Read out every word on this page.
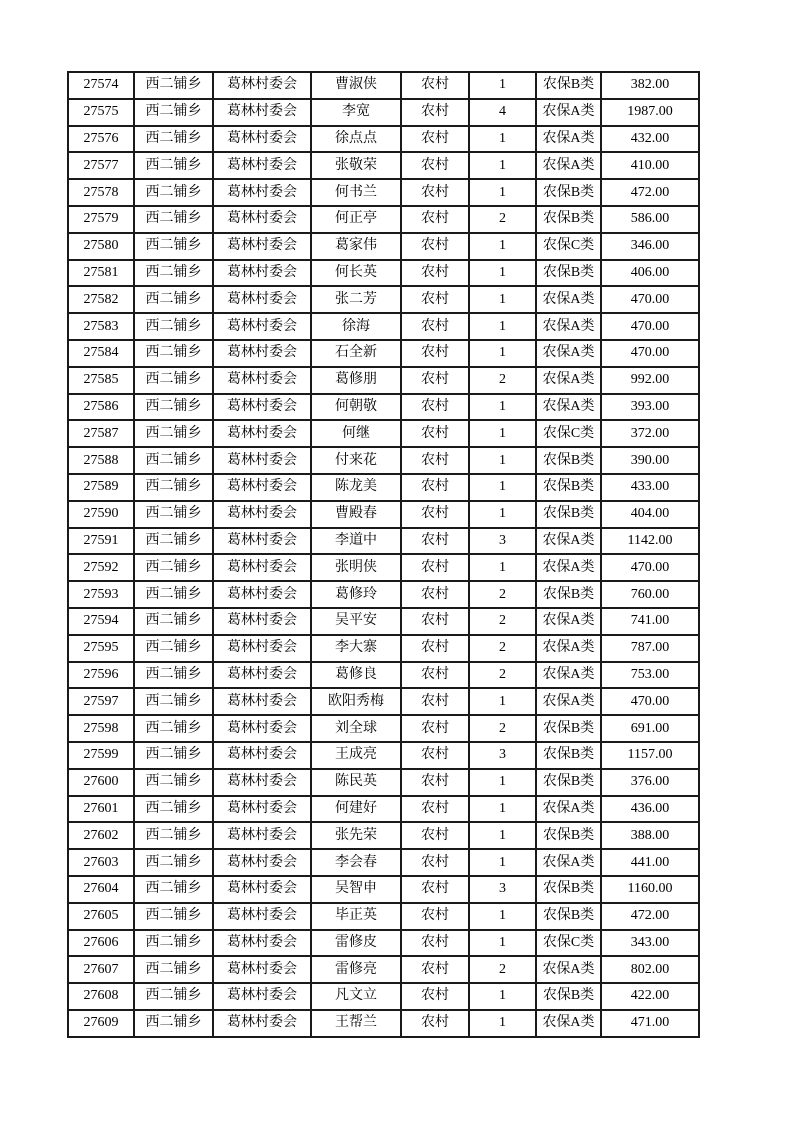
27574	西二铺乡	葛林村委会	曹淑侠	农村	1	农保B类	382.00
27575	西二铺乡	葛林村委会	李宽	农村	4	农保A类	1987.00
27576	西二铺乡	葛林村委会	徐点点	农村	1	农保A类	432.00
27577	西二铺乡	葛林村委会	张敬荣	农村	1	农保A类	410.00
27578	西二铺乡	葛林村委会	何书兰	农村	1	农保B类	472.00
27579	西二铺乡	葛林村委会	何正亭	农村	2	农保B类	586.00
27580	西二铺乡	葛林村委会	葛家伟	农村	1	农保C类	346.00
27581	西二铺乡	葛林村委会	何长英	农村	1	农保B类	406.00
27582	西二铺乡	葛林村委会	张二芳	农村	1	农保A类	470.00
27583	西二铺乡	葛林村委会	徐海	农村	1	农保A类	470.00
27584	西二铺乡	葛林村委会	石全新	农村	1	农保A类	470.00
27585	西二铺乡	葛林村委会	葛修朋	农村	2	农保A类	992.00
27586	西二铺乡	葛林村委会	何朝敬	农村	1	农保A类	393.00
27587	西二铺乡	葛林村委会	何继	农村	1	农保C类	372.00
27588	西二铺乡	葛林村委会	付来花	农村	1	农保B类	390.00
27589	西二铺乡	葛林村委会	陈龙美	农村	1	农保B类	433.00
27590	西二铺乡	葛林村委会	曹殿春	农村	1	农保B类	404.00
27591	西二铺乡	葛林村委会	李道中	农村	3	农保A类	1142.00
27592	西二铺乡	葛林村委会	张明侠	农村	1	农保A类	470.00
27593	西二铺乡	葛林村委会	葛修玲	农村	2	农保B类	760.00
27594	西二铺乡	葛林村委会	吴平安	农村	2	农保A类	741.00
27595	西二铺乡	葛林村委会	李大寨	农村	2	农保A类	787.00
27596	西二铺乡	葛林村委会	葛修良	农村	2	农保A类	753.00
27597	西二铺乡	葛林村委会	欧阳秀梅	农村	1	农保A类	470.00
27598	西二铺乡	葛林村委会	刘全球	农村	2	农保B类	691.00
27599	西二铺乡	葛林村委会	王成亮	农村	3	农保B类	1157.00
27600	西二铺乡	葛林村委会	陈民英	农村	1	农保B类	376.00
27601	西二铺乡	葛林村委会	何建好	农村	1	农保A类	436.00
27602	西二铺乡	葛林村委会	张先荣	农村	1	农保B类	388.00
27603	西二铺乡	葛林村委会	李会春	农村	1	农保A类	441.00
27604	西二铺乡	葛林村委会	吴智申	农村	3	农保B类	1160.00
27605	西二铺乡	葛林村委会	毕正英	农村	1	农保B类	472.00
27606	西二铺乡	葛林村委会	雷修皮	农村	1	农保C类	343.00
27607	西二铺乡	葛林村委会	雷修亮	农村	2	农保A类	802.00
27608	西二铺乡	葛林村委会	凡文立	农村	1	农保B类	422.00
27609	西二铺乡	葛林村委会	王帮兰	农村	1	农保A类	471.00
